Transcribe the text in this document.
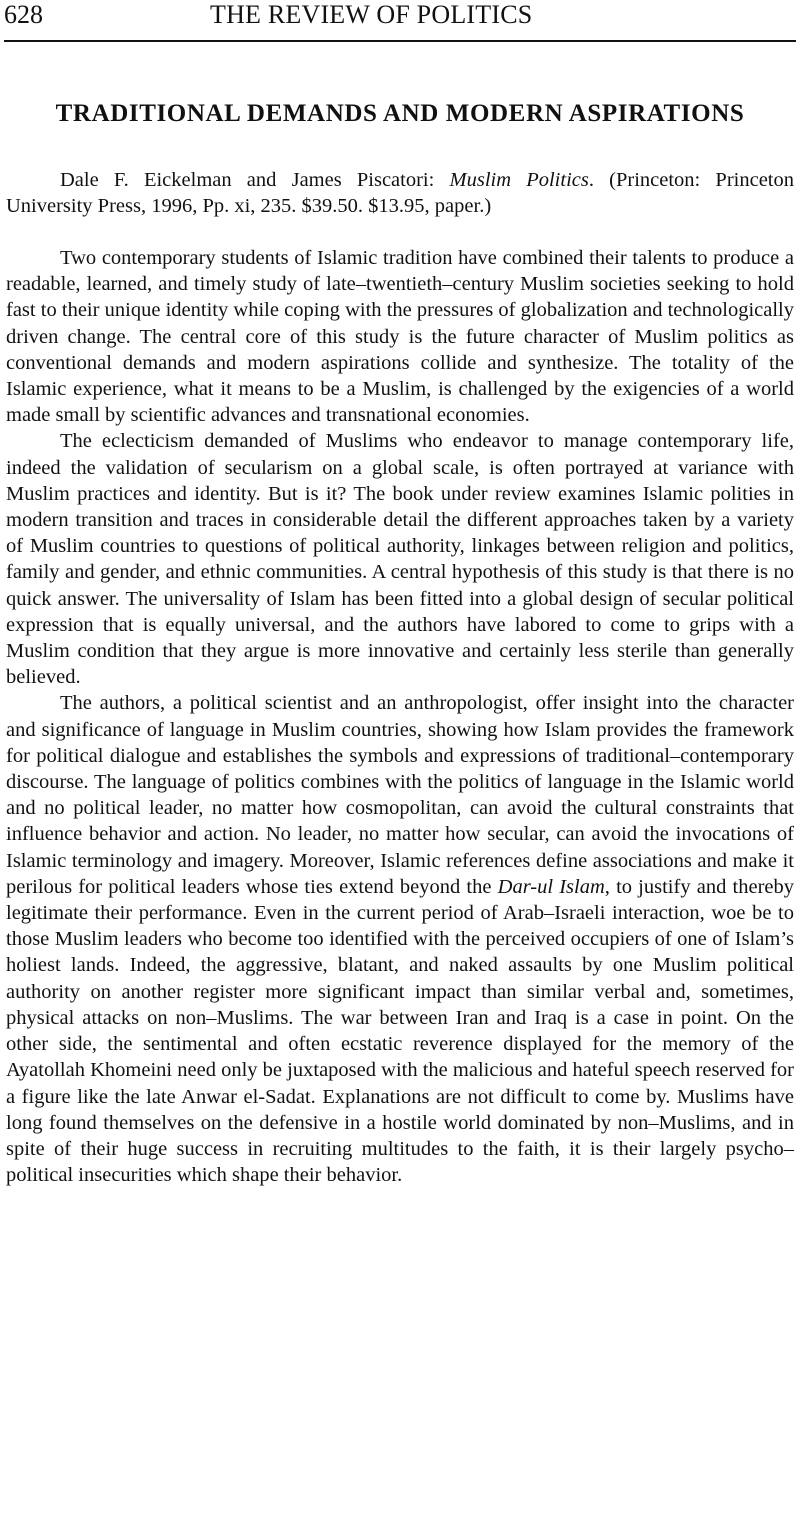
628	THE REVIEW OF POLITICS
TRADITIONAL DEMANDS AND MODERN ASPIRATIONS
Dale F. Eickelman and James Piscatori: Muslim Politics. (Princeton: Princeton University Press, 1996, Pp. xi, 235. $39.50. $13.95, paper.)

Two contemporary students of Islamic tradition have combined their talents to produce a readable, learned, and timely study of late–twentieth–century Muslim societies seeking to hold fast to their unique identity while coping with the pressures of globalization and technologically driven change. The central core of this study is the future character of Muslim politics as conventional demands and modern aspirations collide and synthesize. The totality of the Islamic experience, what it means to be a Muslim, is challenged by the exigencies of a world made small by scientific advances and transnational economies.

The eclecticism demanded of Muslims who endeavor to manage contemporary life, indeed the validation of secularism on a global scale, is often portrayed at variance with Muslim practices and identity. But is it? The book under review examines Islamic polities in modern transition and traces in considerable detail the different approaches taken by a variety of Muslim countries to questions of political authority, linkages between religion and politics, family and gender, and ethnic communities. A central hypothesis of this study is that there is no quick answer. The universality of Islam has been fitted into a global design of secular political expression that is equally universal, and the authors have labored to come to grips with a Muslim condition that they argue is more innovative and certainly less sterile than generally believed.

The authors, a political scientist and an anthropologist, offer insight into the character and significance of language in Muslim countries, showing how Islam provides the framework for political dialogue and establishes the symbols and expressions of traditional–contemporary discourse. The language of politics combines with the politics of language in the Islamic world and no political leader, no matter how cosmopolitan, can avoid the cultural constraints that influence behavior and action. No leader, no matter how secular, can avoid the invocations of Islamic terminology and imagery. Moreover, Islamic references define associations and make it perilous for political leaders whose ties extend beyond the Dar-ul Islam, to justify and thereby legitimate their performance. Even in the current period of Arab–Israeli interaction, woe be to those Muslim leaders who become too identified with the perceived occupiers of one of Islam’s holiest lands. Indeed, the aggressive, blatant, and naked assaults by one Muslim political authority on another register more significant impact than similar verbal and, sometimes, physical attacks on non–Muslims. The war between Iran and Iraq is a case in point. On the other side, the sentimental and often ecstatic reverence displayed for the memory of the Ayatollah Khomeini need only be juxtaposed with the malicious and hateful speech reserved for a figure like the late Anwar el-Sadat. Explanations are not difficult to come by. Muslims have long found themselves on the defensive in a hostile world dominated by non–Muslims, and in spite of their huge success in recruiting multitudes to the faith, it is their largely psycho–political insecurities which shape their behavior.
